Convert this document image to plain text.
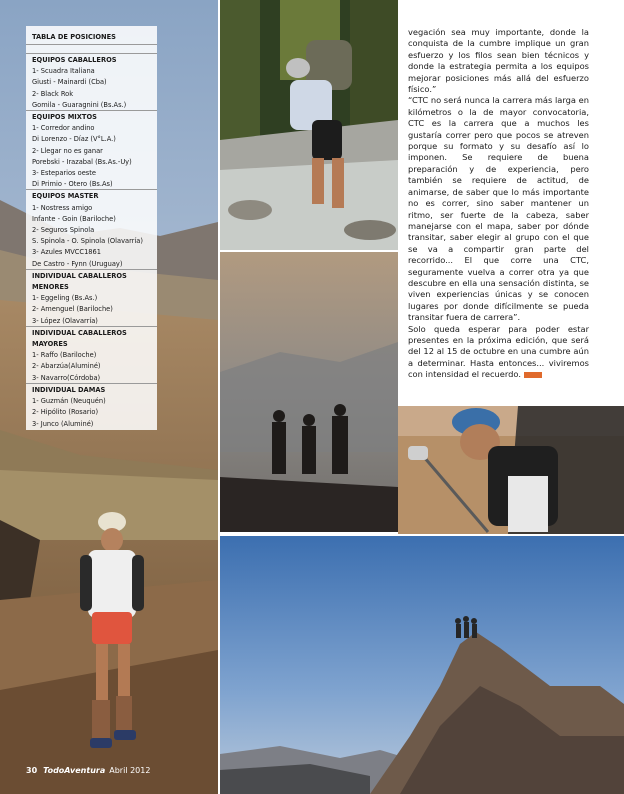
TABLA DE POSICIONES
EQUIPOS CABALLEROS
1- Scuadra Italiana
Giusti - Mainardi (Cba)
2- Black Rok
Gomila - Guaragnini (Bs.As.)
EQUIPOS MIXTOS
1- Corredor andino
Di Lorenzo - Díaz (V°L.A.)
2- Llegar no es ganar
Porebski - Irazabal (Bs.As.-Uy)
3- Esteparios oeste
Di Primio - Otero (Bs.As)
EQUIPOS MASTER
1- Nostress amigo
Infante - Goin (Bariloche)
2- Seguros Spinola
S. Spinola - O. Spinola (Olavarría)
3- Azules MVCC1861
De Castro - Fynn (Uruguay)
INDIVIDUAL CABALLEROS MENORES
1- Eggeling (Bs.As.)
2- Amenguel (Bariloche)
3- López (Olavarría)
INDIVIDUAL CABALLEROS MAYORES
1- Raffo (Bariloche)
2- Abarzúa(Aluminé)
3- Navarro(Córdoba)
INDIVIDUAL DAMAS
1- Guzmán (Neuquén)
2- Hipólito (Rosario)
3- Junco (Aluminé)

vegación sea muy importante, donde la conquista de la cumbre implique un gran esfuerzo y los filos sean bien técnicos y donde la estrategia permita a los equipos mejorar posiciones más allá del esfuerzo físico.”

“CTC no será nunca la carrera más larga en kilómetros o la de mayor convocatoria, CTC es la carrera que a muchos les gustaría correr pero que pocos se atreven porque su formato y su desafío así lo imponen. Se requiere de buena preparación y de experiencia, pero también se requiere de actitud, de animarse, de saber que lo más importante no es correr, sino saber mantener un ritmo, ser fuerte de la cabeza, saber manejarse con el mapa, saber por dónde transitar, saber elegir al grupo con el que se va a compartir gran parte del recorrido... El que corre una CTC, seguramente vuelva a correr otra ya que descubre en ella una sensación distinta, se viven experiencias únicas y se conocen lugares por donde difícilmente se pueda transitar fuera de carrera”.

Solo queda esperar para poder estar presentes en la próxima edición, que será del 12 al 15 de octubre en una cumbre aún a determinar. Hasta entonces... viviremos con intensidad el recuerdo.

30 TodoAventura Abril 2012
